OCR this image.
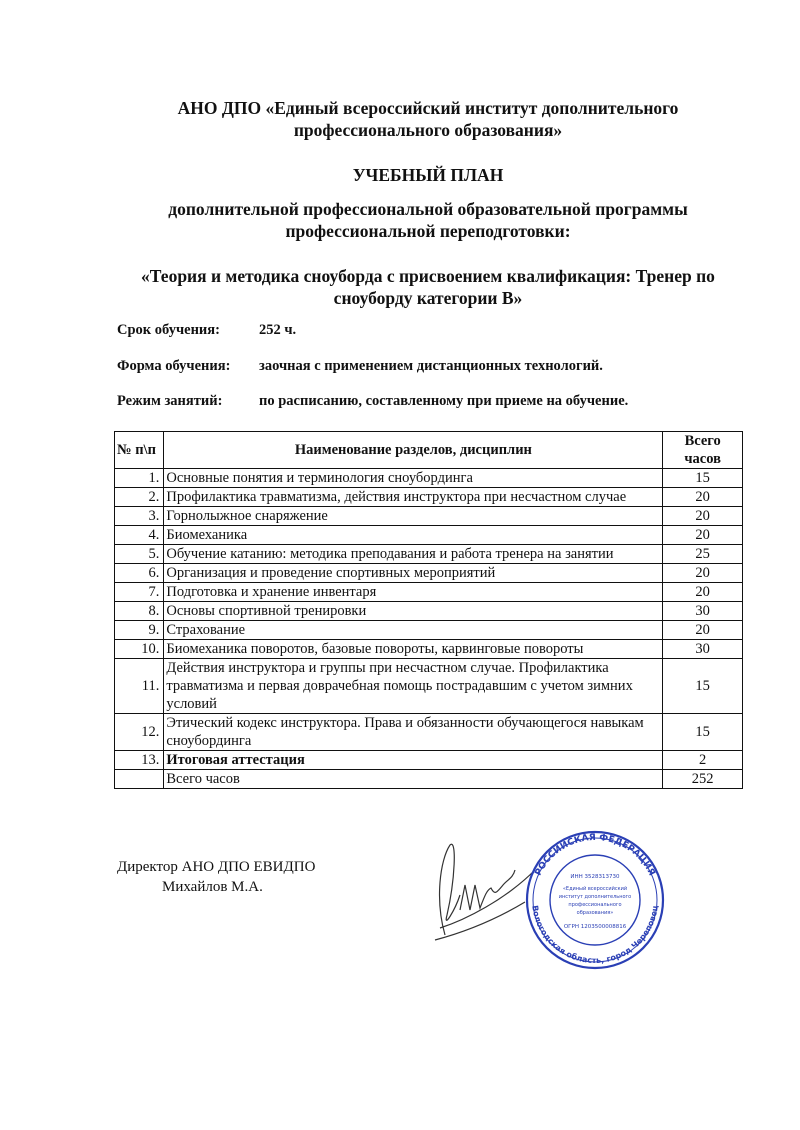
АНО ДПО «Единый всероссийский институт дополнительного
профессионального образования»
УЧЕБНЫЙ ПЛАН
дополнительной профессиональной образовательной программы
профессиональной переподготовки:
«Теория и методика сноуборда с присвоением квалификация: Тренер по
сноуборду категории В»
Срок обучения:	252 ч.
Форма обучения: заочная с применением дистанционных технологий.
Режим занятий:	по расписанию, составленному при приеме на обучение.
№ п\п	Наименование разделов, дисциплин	Всего
часов

1.	Основные понятия и терминология сноубординга	15
2.	Профилактика травматизма, действия инструктора при несчастном случае	20
3.	Горнолыжное снаряжение	20
4.	Биомеханика	20
5.	Обучение катанию: методика преподавания и работа тренера на занятии	25
6.	Организация и проведение спортивных мероприятий	20
7.	Подготовка и хранение инвентаря	20
8.	Основы спортивной тренировки	30
9.	Страхование	20
10.	Биомеханика поворотов, базовые повороты, карвинговые повороты	30
11.	Действия инструктора и группы при несчастном случае. Профилактика травматизма и первая доврачебная помощь пострадавшим с учетом зимних условий	15
12.	Этический кодекс инструктора. Права и обязанности обучающегося навыкам сноубординга	15
13.	Итоговая аттестация	2
	Всего часов	252
Директор АНО ДПО ЕВИДПО
Михайлов М.А.
РОССИЙСКАЯ ФЕДЕРАЦИЯ
Вологодская область, город Череповец
ИНН 3528313730
«Единый всероссийский
институт дополнительного
профессионального
образования»
ОГРН 1203500008816
